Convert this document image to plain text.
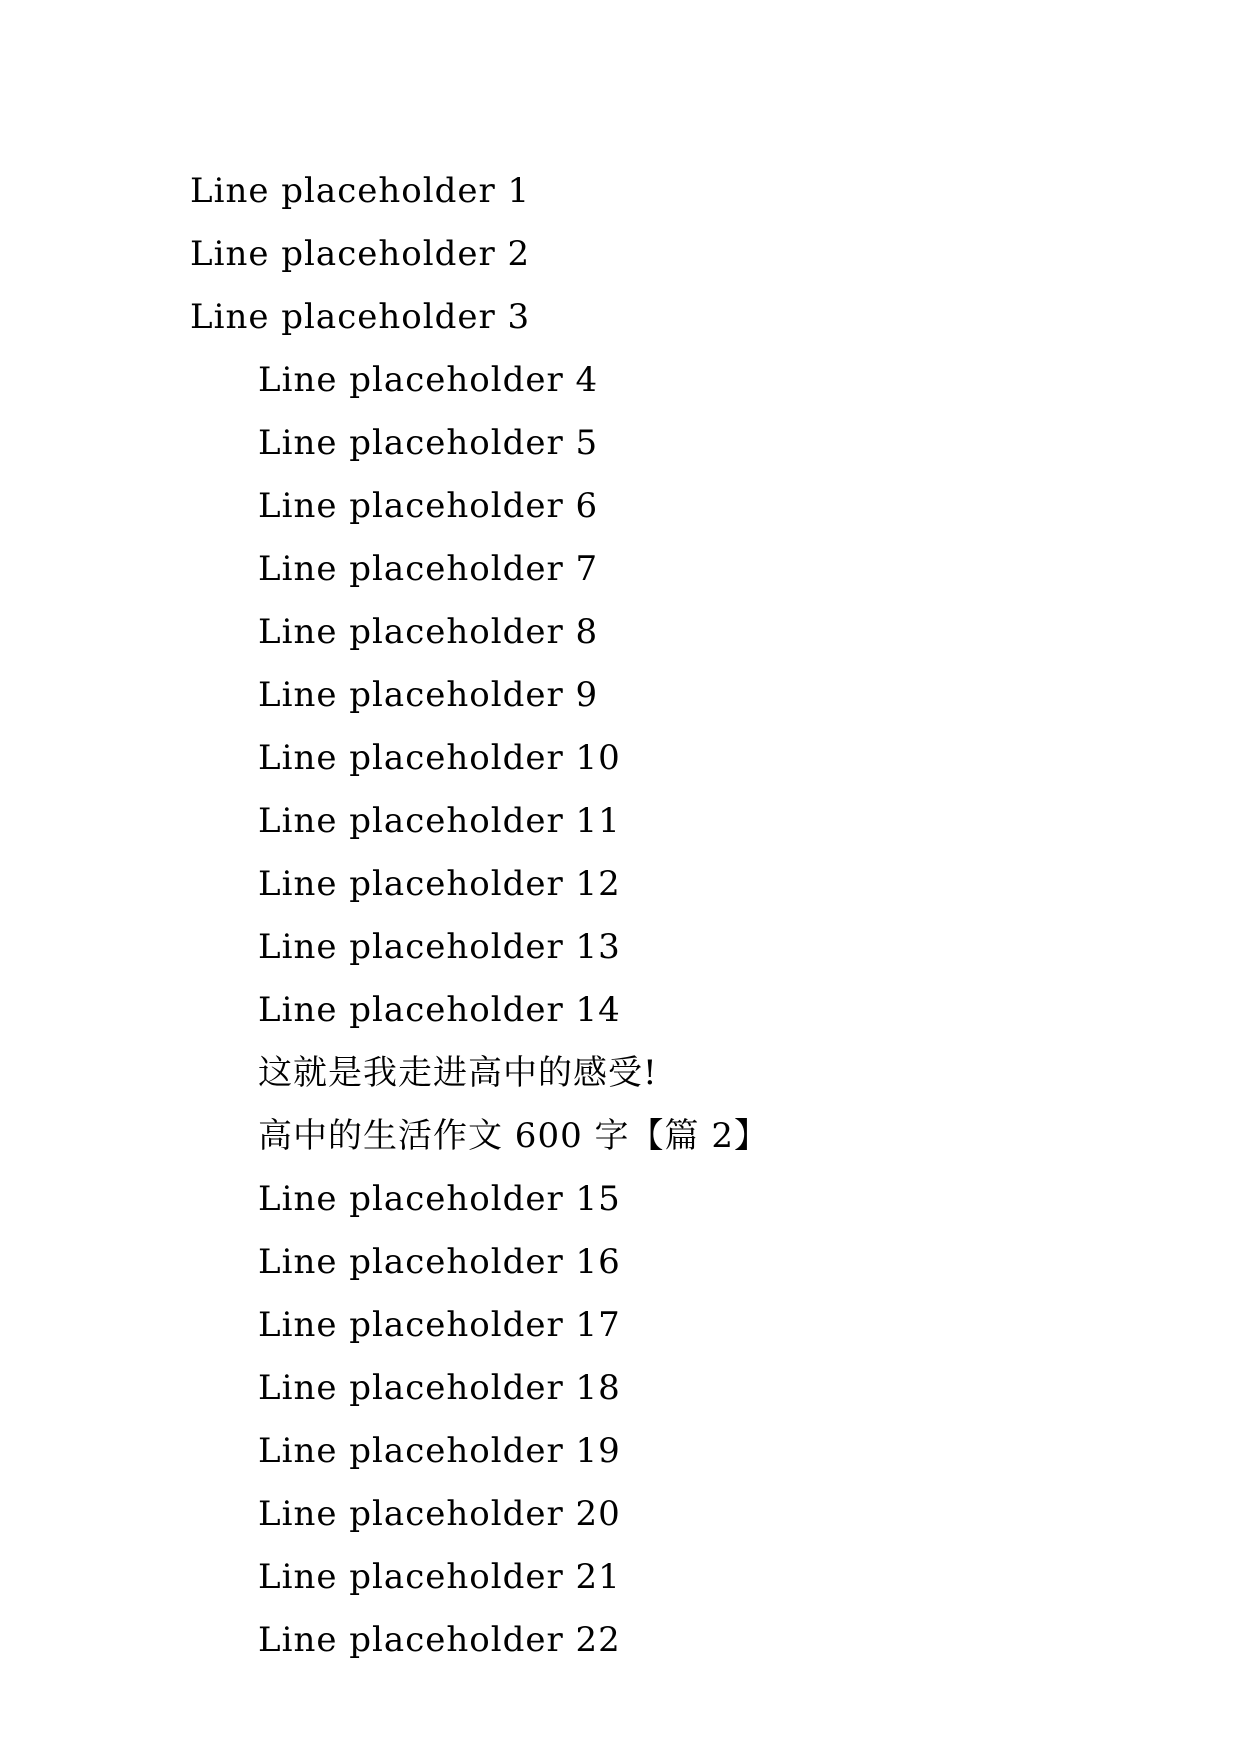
Line placeholder 1
Line placeholder 2
Line placeholder 3

Line placeholder 4
Line placeholder 5
Line placeholder 6
Line placeholder 7
Line placeholder 8
Line placeholder 9
Line placeholder 10
Line placeholder 11

Line placeholder 12
Line placeholder 13
Line placeholder 14

这就是我走进高中的感受!

高中的生活作文 600 字【篇 2】

Line placeholder 15
Line placeholder 16
Line placeholder 17
Line placeholder 18

Line placeholder 19
Line placeholder 20
Line placeholder 21
Line placeholder 22
